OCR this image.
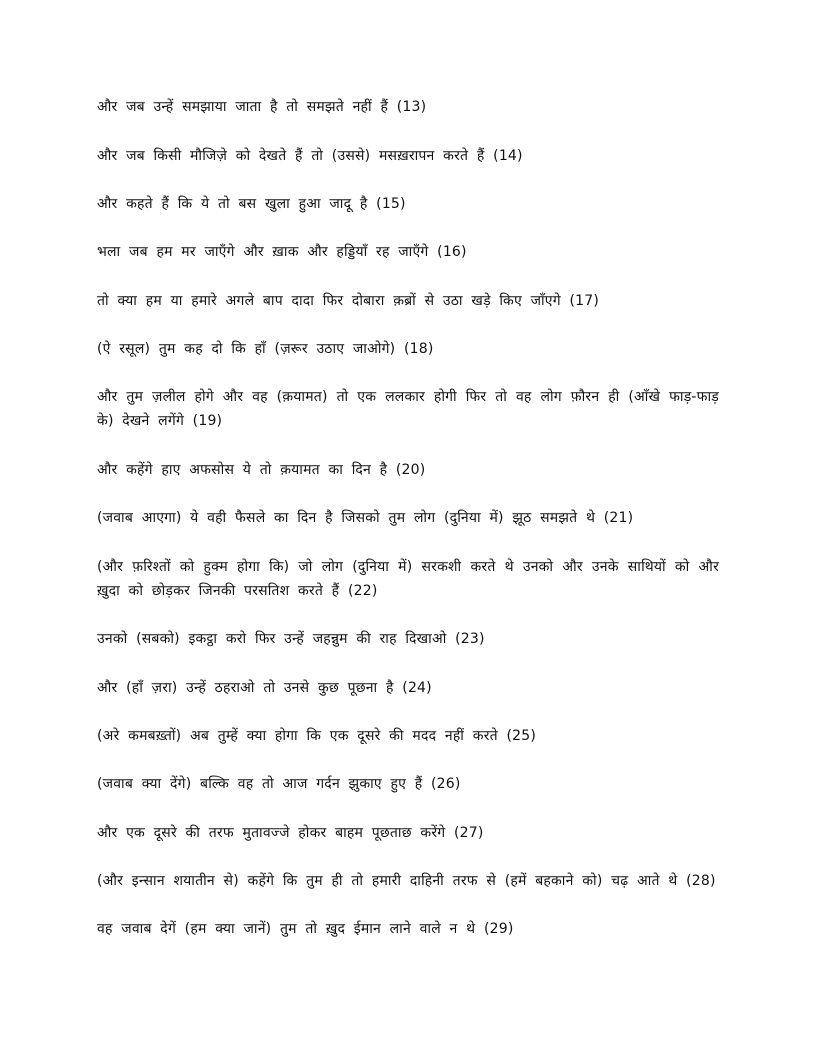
और जब उन्हें समझाया जाता है तो समझते नहीं हैं (13)

और जब किसी मौजिज़े को देखते हैं तो (उससे) मसख़रापन करते हैं (14)

और कहते हैं कि ये तो बस खुला हुआ जादू है (15)

भला जब हम मर जाएँगे और ख़ाक और हड्डियाँ रह जाएँगे (16)

तो क्या हम या हमारे अगले बाप दादा फिर दोबारा क़ब्रों से उठा खड़े किए जाँएगे (17)

(ऐ रसूल) तुम कह दो कि हाँ (ज़रूर उठाए जाओगे) (18)

और तुम ज़लील होगे और वह (क़यामत) तो एक ललकार होगी फिर तो वह लोग फ़ौरन ही (आँखे फाड़-फाड़ के) देखने लगेंगे (19)

और कहेंगे हाए अफसोस ये तो क़यामत का दिन है (20)

(जवाब आएगा) ये वही फैसले का दिन है जिसको तुम लोग (दुनिया में) झूठ समझते थे (21)

(और फ़रिश्तों को हुक्म होगा कि) जो लोग (दुनिया में) सरकशी करते थे उनको और उनके साथियों को और ख़ुदा को छोड़कर जिनकी परसतिश करते हैं (22)

उनको (सबको) इकट्ठा करो फिर उन्हें जहन्नुम की राह दिखाओ (23)

और (हाँ ज़रा) उन्हें ठहराओ तो उनसे कुछ पूछना है (24)

(अरे कमबख़्तों) अब तुम्हें क्या होगा कि एक दूसरे की मदद नहीं करते (25)

(जवाब क्या देंगे) बल्कि वह तो आज गर्दन झुकाए हुए हैं (26)

और एक दूसरे की तरफ मुतावज्जे होकर बाहम पूछताछ करेंगे (27)

(और इन्सान शयातीन से) कहेंगे कि तुम ही तो हमारी दाहिनी तरफ से (हमें बहकाने को) चढ़ आते थे (28)

वह जवाब देगें (हम क्या जानें) तुम तो ख़ुद ईमान लाने वाले न थे (29)
